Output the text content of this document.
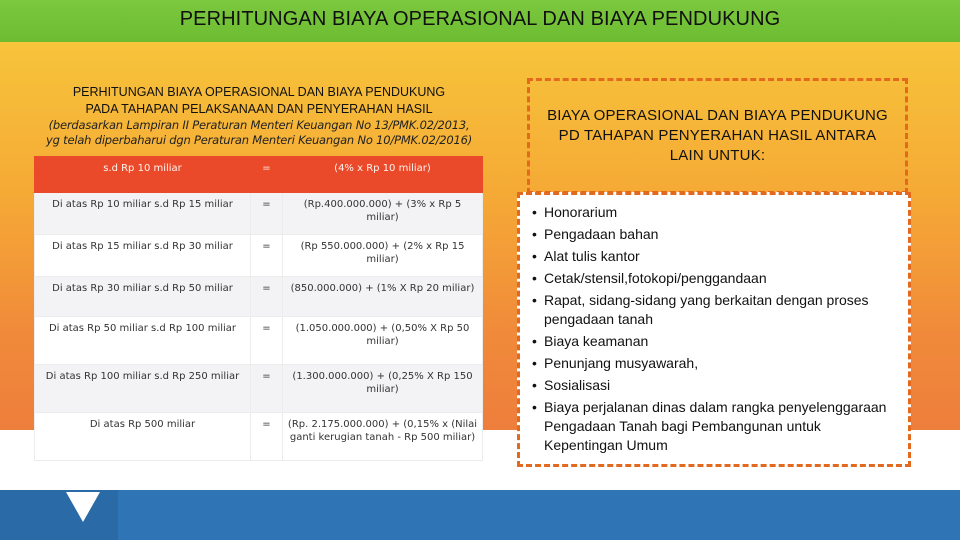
PERHITUNGAN BIAYA OPERASIONAL DAN BIAYA PENDUKUNG
PERHITUNGAN BIAYA OPERASIONAL DAN BIAYA PENDUKUNG
PADA TAHAPAN PELAKSANAAN DAN PENYERAHAN HASIL
(berdasarkan Lampiran II Peraturan Menteri Keuangan No 13/PMK.02/2013,
yg telah diperbaharui dgn Peraturan Menteri Keuangan No 10/PMK.02/2016)
s.d Rp 10 miliar	=	(4% x Rp 10 miliar)
Di atas Rp 10 miliar s.d Rp 15 miliar	=	(Rp.400.000.000) + (3% x Rp 5 miliar)
Di atas Rp 15 miliar s.d Rp 30 miliar	=	(Rp 550.000.000) + (2% x Rp 15 miliar)
Di atas Rp 30 miliar s.d Rp 50 miliar	=	(850.000.000) + (1% X Rp 20 miliar)
Di atas Rp 50 miliar s.d Rp 100 miliar	=	(1.050.000.000) + (0,50% X Rp 50 miliar)
Di atas Rp 100 miliar s.d Rp 250 miliar	=	(1.300.000.000) + (0,25% X Rp 150 miliar)
Di atas Rp 500 miliar	=	(Rp. 2.175.000.000) + (0,15% x (Nilai ganti kerugian tanah - Rp 500 miliar)
BIAYA OPERASIONAL DAN BIAYA PENDUKUNG PD TAHAPAN PENYERAHAN HASIL ANTARA LAIN UNTUK:
• Honorarium
• Pengadaan bahan
• Alat tulis kantor
• Cetak/stensil,fotokopi/penggandaan
• Rapat, sidang-sidang yang berkaitan dengan proses pengadaan tanah
• Biaya keamanan
• Penunjang musyawarah,
• Sosialisasi
• Biaya perjalanan dinas dalam rangka penyelenggaraan Pengadaan Tanah bagi Pembangunan untuk Kepentingan Umum
